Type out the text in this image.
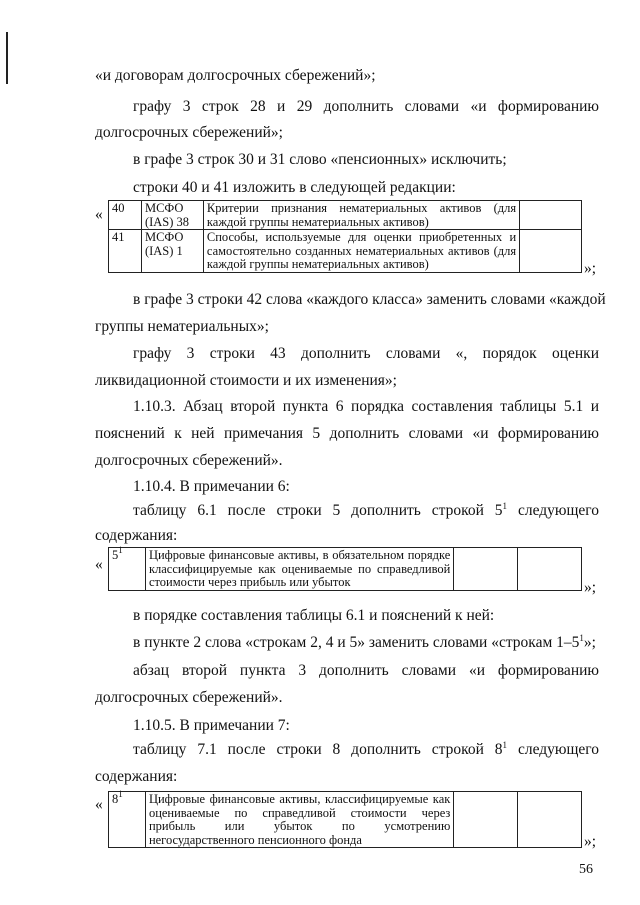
«и договорам долгосрочных сбережений»;
графу 3 строк 28 и 29 дополнить словами «и формированию
долгосрочных сбережений»;
в графе 3 строк 30 и 31 слово «пенсионных» исключить;
строки 40 и 41 изложить в следующей редакции:
« 40	МСФО (IAS) 38	Критерии признания нематериальных активов (для каждой группы нематериальных активов)	
41	МСФО (IAS) 1	Способы, используемые для оценки приобретенных и самостоятельно созданных нематериальных активов (для каждой группы нематериальных активов)		»;
в графе 3 строки 42 слова «каждого класса» заменить словами «каждой
группы нематериальных»;
графу 3 строки 43 дополнить словами «, порядок оценки
ликвидационной стоимости и их изменения»;
1.10.3. Абзац второй пункта 6 порядка составления таблицы 5.1 и
пояснений к ней примечания 5 дополнить словами «и формированию
долгосрочных сбережений».
1.10.4. В примечании 6:
таблицу 6.1 после строки 5 дополнить строкой $5^1$ следующего
содержания:
«
$5^1$	Цифровые финансовые активы, в обязательном порядке классифицируемые как оцениваемые по справедливой стоимости через прибыль или убыток			»;
в порядке составления таблицы 6.1 и пояснений к ней:
в пункте 2 слова «строкам 2, 4 и 5» заменить словами «строкам $1-5^1$»;
абзац второй пункта 3 дополнить словами «и формированию
долгосрочных сбережений».
1.10.5. В примечании 7:
таблицу 7.1 после строки 8 дополнить строкой $8^1$ следующего
содержания:
« $8^1$	Цифровые финансовые активы, классифицируемые как оцениваемые по справедливой стоимости через прибыль или убыток по усмотрению негосударственного пенсионного фонда			»;
56
